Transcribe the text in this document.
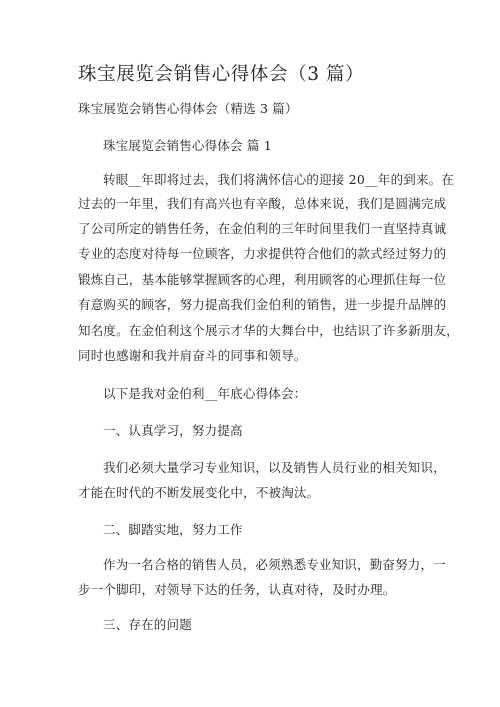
珠宝展览会销售心得体会（3 篇）
珠宝展览会销售心得体会（精选 3 篇）
珠宝展览会销售心得体会 篇 1
转眼__年即将过去，我们将满怀信心的迎接 20__年的到来。在
过去的一年里，我们有高兴也有辛酸，总体来说，我们是圆满完成
了公司所定的销售任务，在金伯利的三年时间里我们一直坚持真诚
专业的态度对待每一位顾客，力求提供符合他们的款式经过努力的
锻炼自己，基本能够掌握顾客的心理，利用顾客的心理抓住每一位
有意购买的顾客，努力提高我们金伯利的销售，进一步提升品牌的
知名度。在金伯利这个展示才华的大舞台中，也结识了许多新朋友，
同时也感谢和我并肩奋斗的同事和领导。
以下是我对金伯利__年底心得体会：
一、认真学习，努力提高
我们必须大量学习专业知识，以及销售人员行业的相关知识，
才能在时代的不断发展变化中，不被淘汰。
二、脚踏实地，努力工作
作为一名合格的销售人员，必须熟悉专业知识，勤奋努力，一
步一个脚印，对领导下达的任务，认真对待，及时办理。
三、存在的问题
